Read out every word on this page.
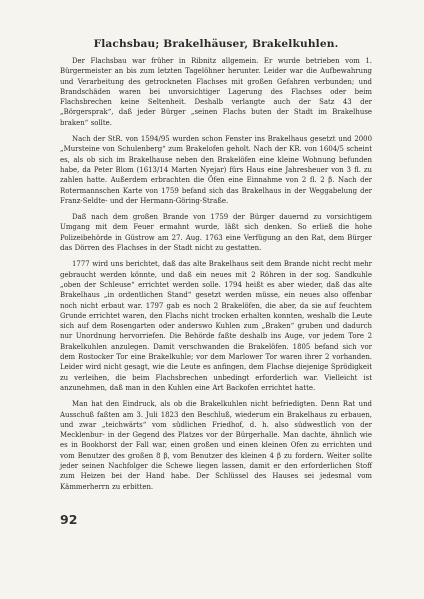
Flachsbau; Brakelhäuser, Brakelkuhlen.

Der Flachsbau war früher in Ribnitz allgemein. Er wurde betrieben vom 1. Bürgermeister an bis zum letzten Tagelöhner herunter. Leider war die Aufbewahrung und Verarbeitung des getrockneten Flachses mit großen Gefahren verbunden; und Brandschäden waren bei unvorsichtiger Lagerung des Flachses oder beim Flachsbrechen keine Seltenheit. Deshalb verlangte auch der Satz 43 der „Börgersprak“, daß jeder Bürger „seinen Flachs buten der Stadt im Brakelhuse braken“ sollte.

Nach der StR. von 1594/95 wurden schon Fenster ins Brakelhaus gesetzt und 2000 „Mursteine von Schulenberg“ zum Brakelofen geholt. Nach der KR. von 1604/5 scheint es, als ob sich im Brakelhause neben den Brakelöfen eine kleine Wohnung befunden habe, da Peter Blom (1613/14 Marten Nyejar) fürs Haus eine Jahresheuer von 3 fl. zu zahlen hatte. Außerdem erbrachten die Öfen eine Einnahme von 2 fl. 2 β. Nach der Rotermannschen Karte von 1759 befand sich das Brakelhaus in der Weggabelung der Franz-Seldte- und der Hermann-Göring-Straße.

Daß nach dem großen Brande von 1759 der Bürger dauernd zu vorsichtigem Umgang mit dem Feuer ermahnt wurde, läßt sich denken. So erließ die hohe Polizeibehörde in Güstrow am 27. Aug. 1763 eine Verfügung an den Rat, dem Bürger das Dörren des Flachses in der Stadt nicht zu gestatten.

1777 wird uns berichtet, daß das alte Brakelhaus seit dem Brande nicht recht mehr gebraucht werden könnte, und daß ein neues mit 2 Röhren in der sog. Sandkuhle „oben der Schleuse“ errichtet werden solle. 1794 heißt es aber wieder, daß das alte Brakelhaus „in ordentlichen Stand“ gesetzt werden müsse, ein neues also offenbar noch nicht erbaut war. 1797 gab es noch 2 Brakelöfen, die aber, da sie auf feuchtem Grunde errichtet waren, den Flachs nicht trocken erhalten konnten, weshalb die Leute sich auf dem Rosengarten oder anderswo Kuhlen zum „Braken“ gruben und dadurch nur Unordnung hervorriefen. Die Behörde faßte deshalb ins Auge, vor jedem Tore 2 Brakelkuhlen anzulegen. Damit verschwanden die Brakelöfen. 1805 befand sich vor dem Rostocker Tor eine Brakelkuhle; vor dem Marlower Tor waren ihrer 2 vorhanden. Leider wird nicht gesagt, wie die Leute es anfingen, dem Flachse diejenige Sprödigkeit zu verleihen, die beim Flachsbrechen unbedingt erforderlich war. Vielleicht ist anzunehmen, daß man in den Kuhlen eine Art Backofen errichtet hatte.

Man hat den Eindruck, als ob die Brakelkuhlen nicht befriedigten. Denn Rat und Ausschuß faßten am 3. Juli 1823 den Beschluß, wiederum ein Brakelhaus zu erbauen, und zwar „teichwärts“ vom südlichen Friedhof, d. h. also südwestlich von der Mecklenbur- in der Gegend des Platzes vor der Bürgerhalle. Man dachte, ähnlich wie es in Bookhorst der Fall war, einen großen und einen kleinen Ofen zu errichten und vom Benutzer des großen 8 β, vom Benutzer des kleinen 4 β zu fordern. Weiter sollte jeder seinen Nachfolger die Schewe liegen lassen, damit er den erforderlichen Stoff zum Heizen bei der Hand habe. Der Schlüssel des Hauses sei jedesmal vom Kämmerherrn zu erbitten.

92
